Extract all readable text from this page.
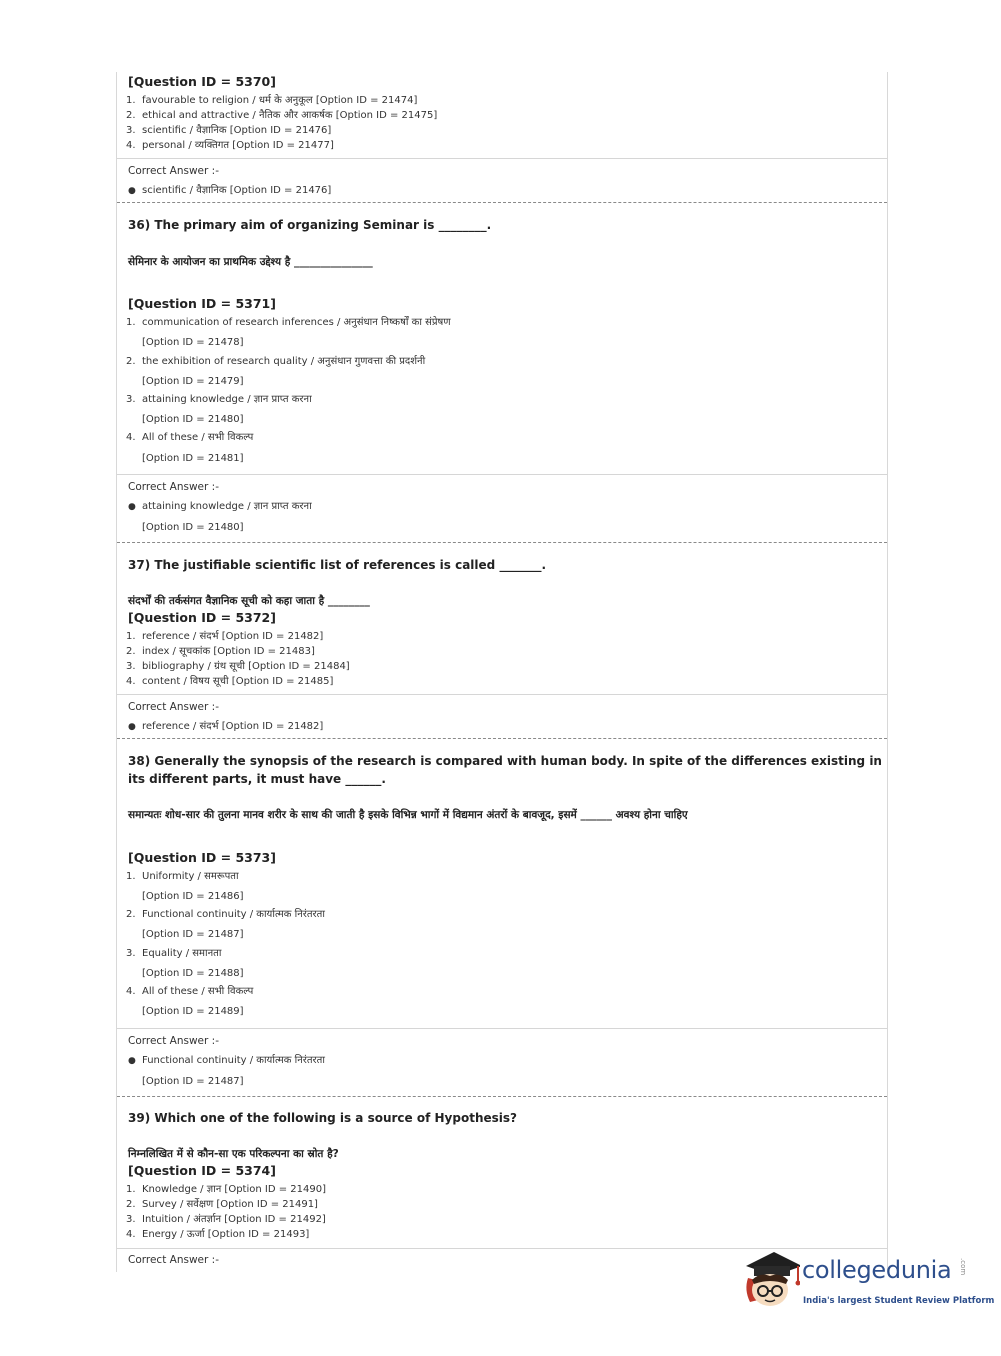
[Question ID = 5370]
1. favourable to religion / धर्म के अनुकूल [Option ID = 21474]
2. ethical and attractive / नैतिक और आकर्षक [Option ID = 21475]
3. scientific / वैज्ञानिक [Option ID = 21476]
4. personal / व्यक्तिगत [Option ID = 21477]
Correct Answer :-
● scientific / वैज्ञानिक [Option ID = 21476]
36) The primary aim of organizing Seminar is ________.
सेमिनार के आयोजन का प्राथमिक उद्देश्य है _______________
[Question ID = 5371]
1. communication of research inferences / अनुसंधान निष्कर्षों का संप्रेषण
[Option ID = 21478]
2. the exhibition of research quality / अनुसंधान गुणवत्ता की प्रदर्शनी
[Option ID = 21479]
3. attaining knowledge / ज्ञान प्राप्त करना
[Option ID = 21480]
4. All of these / सभी विकल्प
[Option ID = 21481]
Correct Answer :-
● attaining knowledge / ज्ञान प्राप्त करना
[Option ID = 21480]
37) The justifiable scientific list of references is called _______.
संदर्भों की तर्कसंगत वैज्ञानिक सूची को कहा जाता है ________
[Question ID = 5372]
1. reference / संदर्भ [Option ID = 21482]
2. index / सूचकांक [Option ID = 21483]
3. bibliography / ग्रंथ सूची [Option ID = 21484]
4. content / विषय सूची [Option ID = 21485]
Correct Answer :-
● reference / संदर्भ [Option ID = 21482]
38) Generally the synopsis of the research is compared with human body. In spite of the differences existing in its different parts, it must have ______.
समान्यतः शोध-सार की तुलना मानव शरीर के साथ की जाती है इसके विभिन्न भागों में विद्यमान अंतरों के बावजूद, इसमें ______ अवश्य होना चाहिए
[Question ID = 5373]
1. Uniformity / समरूपता
[Option ID = 21486]
2. Functional continuity / कार्यात्मक निरंतरता
[Option ID = 21487]
3. Equality / समानता
[Option ID = 21488]
4. All of these / सभी विकल्प
[Option ID = 21489]
Correct Answer :-
● Functional continuity / कार्यात्मक निरंतरता
[Option ID = 21487]
39) Which one of the following is a source of Hypothesis?
निम्नलिखित में से कौन-सा एक परिकल्पना का स्रोत है?
[Question ID = 5374]
1. Knowledge / ज्ञान [Option ID = 21490]
2. Survey / सर्वेक्षण [Option ID = 21491]
3. Intuition / अंतर्ज्ञान [Option ID = 21492]
4. Energy / ऊर्जा [Option ID = 21493]
Correct Answer :-	collegedunia .com
India's largest Student Review Platform
